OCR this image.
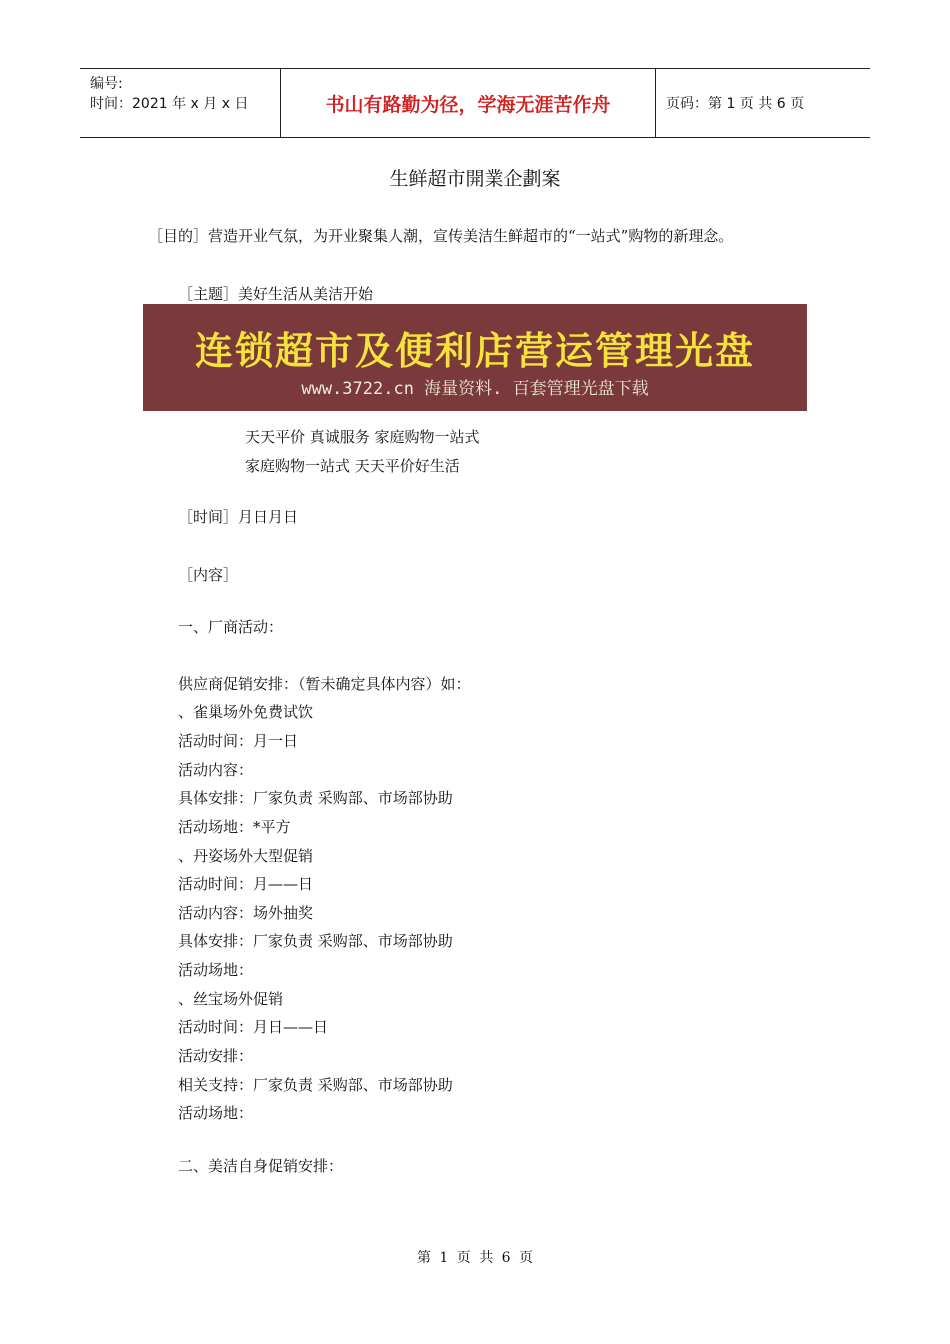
编号:
时间：2021 年 x 月 x 日	书山有路勤为径，学海无涯苦作舟	页码：第 1 页 共 6 页
生鲜超市開業企劃案
［目的］营造开业气氛，为开业聚集人潮，宣传美洁生鲜超市的“一站式”购物的新理念。
［主题］美好生活从美洁开始
连锁超市及便利店营运管理光盘
www.3722.cn 海量资料. 百套管理光盘下载
天天平价 真诚服务 家庭购物一站式
家庭购物一站式 天天平价好生活
［时间］月日月日
［内容］
一、厂商活动：
供应商促销安排：（暂未确定具体内容）如：
、雀巢场外免费试饮
活动时间：月一日
活动内容：
具体安排：厂家负责 采购部、市场部协助
活动场地：*平方
、丹姿场外大型促销
活动时间：月——日
活动内容：场外抽奖
具体安排：厂家负责 采购部、市场部协助
活动场地：
、丝宝场外促销
活动时间：月日——日
活动安排：
相关支持：厂家负责 采购部、市场部协助
活动场地：
二、美洁自身促销安排：
第 1 页 共 6 页
